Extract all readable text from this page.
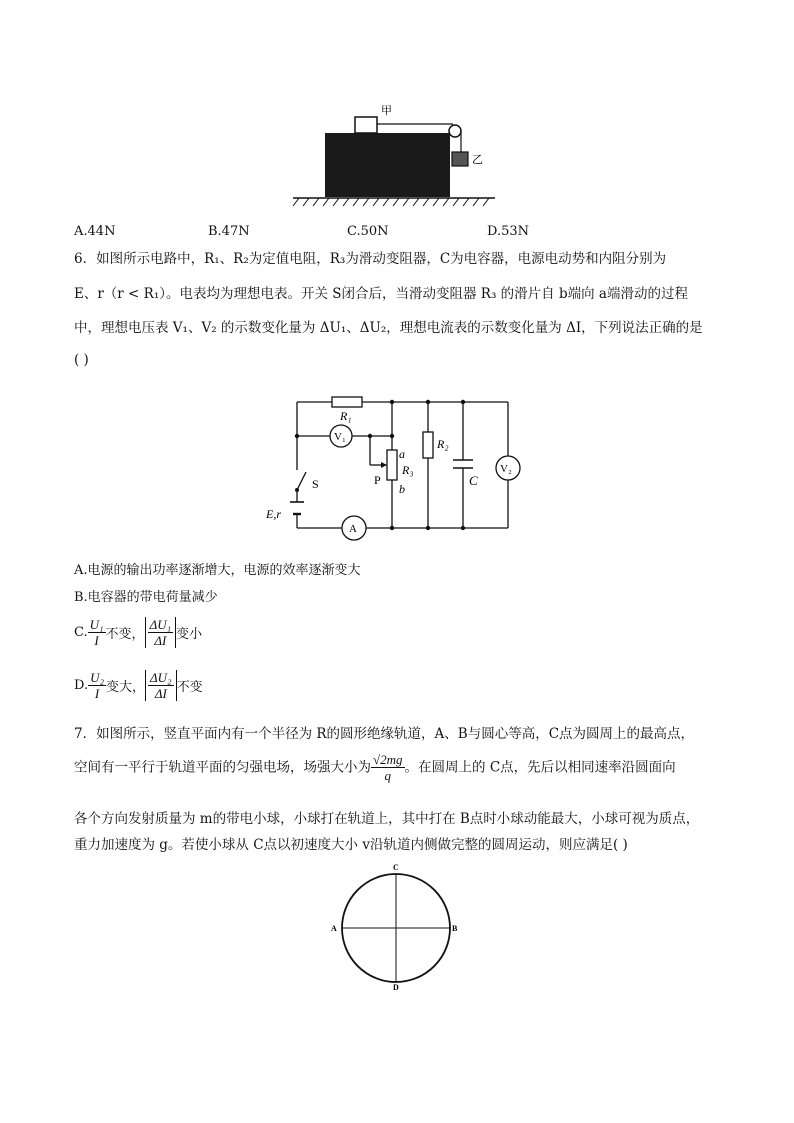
甲
乙
A.44N	B.47N	C.50N	D.53N
6．如图所示电路中，R₁、R₂为定值电阻，R₃为滑动变阻器，C为电容器，电源电动势和内阻分别为
E、r（r < R₁）。电表均为理想电表。开关 S闭合后，当滑动变阻器 R₃ 的滑片自 b端向 a端滑动的过程
中，理想电压表 V₁、V₂ 的示数变化量为 ΔU₁、ΔU₂，理想电流表的示数变化量为 ΔI，下列说法正确的是
( )
R₁
V₁
a
R₃
b
P
R₂
C
V₂
S
E,r
A
A.电源的输出功率逐渐增大，电源的效率逐渐变大
B.电容器的带电荷量减少
C. $\frac{\text{U₁}}{I}$ 不变， $\frac{\text{ΔU₁}}{\Delta I}$ 变小
D. $\frac{\text{U₂}}{I}$ 变大， $\frac{\text{ΔU₂}}{\Delta I}$ 不变
7．如图所示，竖直平面内有一个半径为 R的圆形绝缘轨道，A、B与圆心等高，C点为圆周上的最高点，
空间有一平行于轨道平面的匀强电场，场强大小为 $\frac{√2mg}{q}$ 。在圆周上的 C点，先后以相同速率沿圆面向
各个方向发射质量为 m的带电小球，小球打在轨道上，其中打在 B点时小球动能最大，小球可视为质点，
重力加速度为 g。若使小球从 C点以初速度大小 v沿轨道内侧做完整的圆周运动，则应满足( )
C
A	B
D
